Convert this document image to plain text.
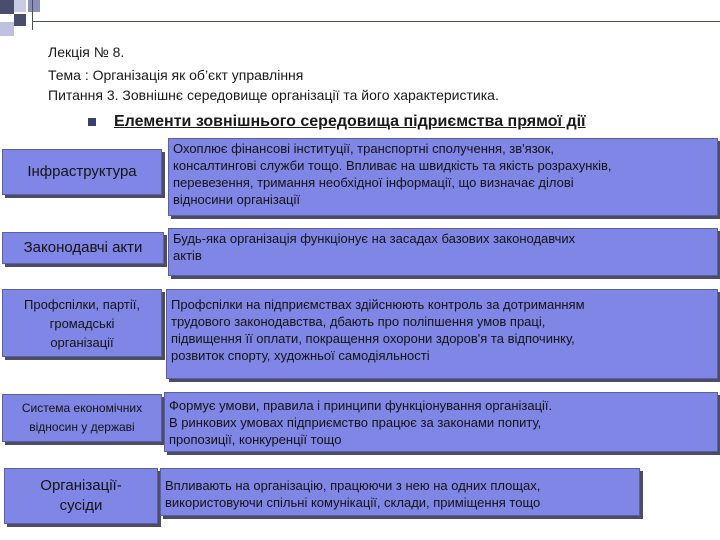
Лекція № 8.
Тема : Організація як об’єкт управління
Питання 3. Зовнішнє середовище організації та його характеристика.
Елементи зовнішнього середовища підриємства прямої дії
Інфраструктура
Охоплює фінансові інституції, транспортні сполучення, зв'язок,
консалтингові служби тощо. Впливає на швидкість та якість розрахунків,
перевезення, тримання необхідної інформації, що визначає ділові
відносини організації
Законодавчі акти
Будь-яка організація функціонує на засадах базових законодавчих
актів
Профспілки, партії,
громадські
організації
Профспілки на підприємствах здійснюють контроль за дотриманням
трудового законодавства, дбають про поліпшення умов праці,
підвищення її оплати, покращення охорони здоров'я та відпочинку,
розвиток спорту, художньої самодіяльності
Система економічних
відносин у державі
Формує умови, правила і принципи функціонування організації.
В ринкових умовах підприємство працює за законами попиту,
пропозиції, конкуренції тощо
Організації-
сусіди
Впливають на організацію, працюючи з нею на одних площах,
використовуючи спільні комунікації, склади, приміщення тощо
